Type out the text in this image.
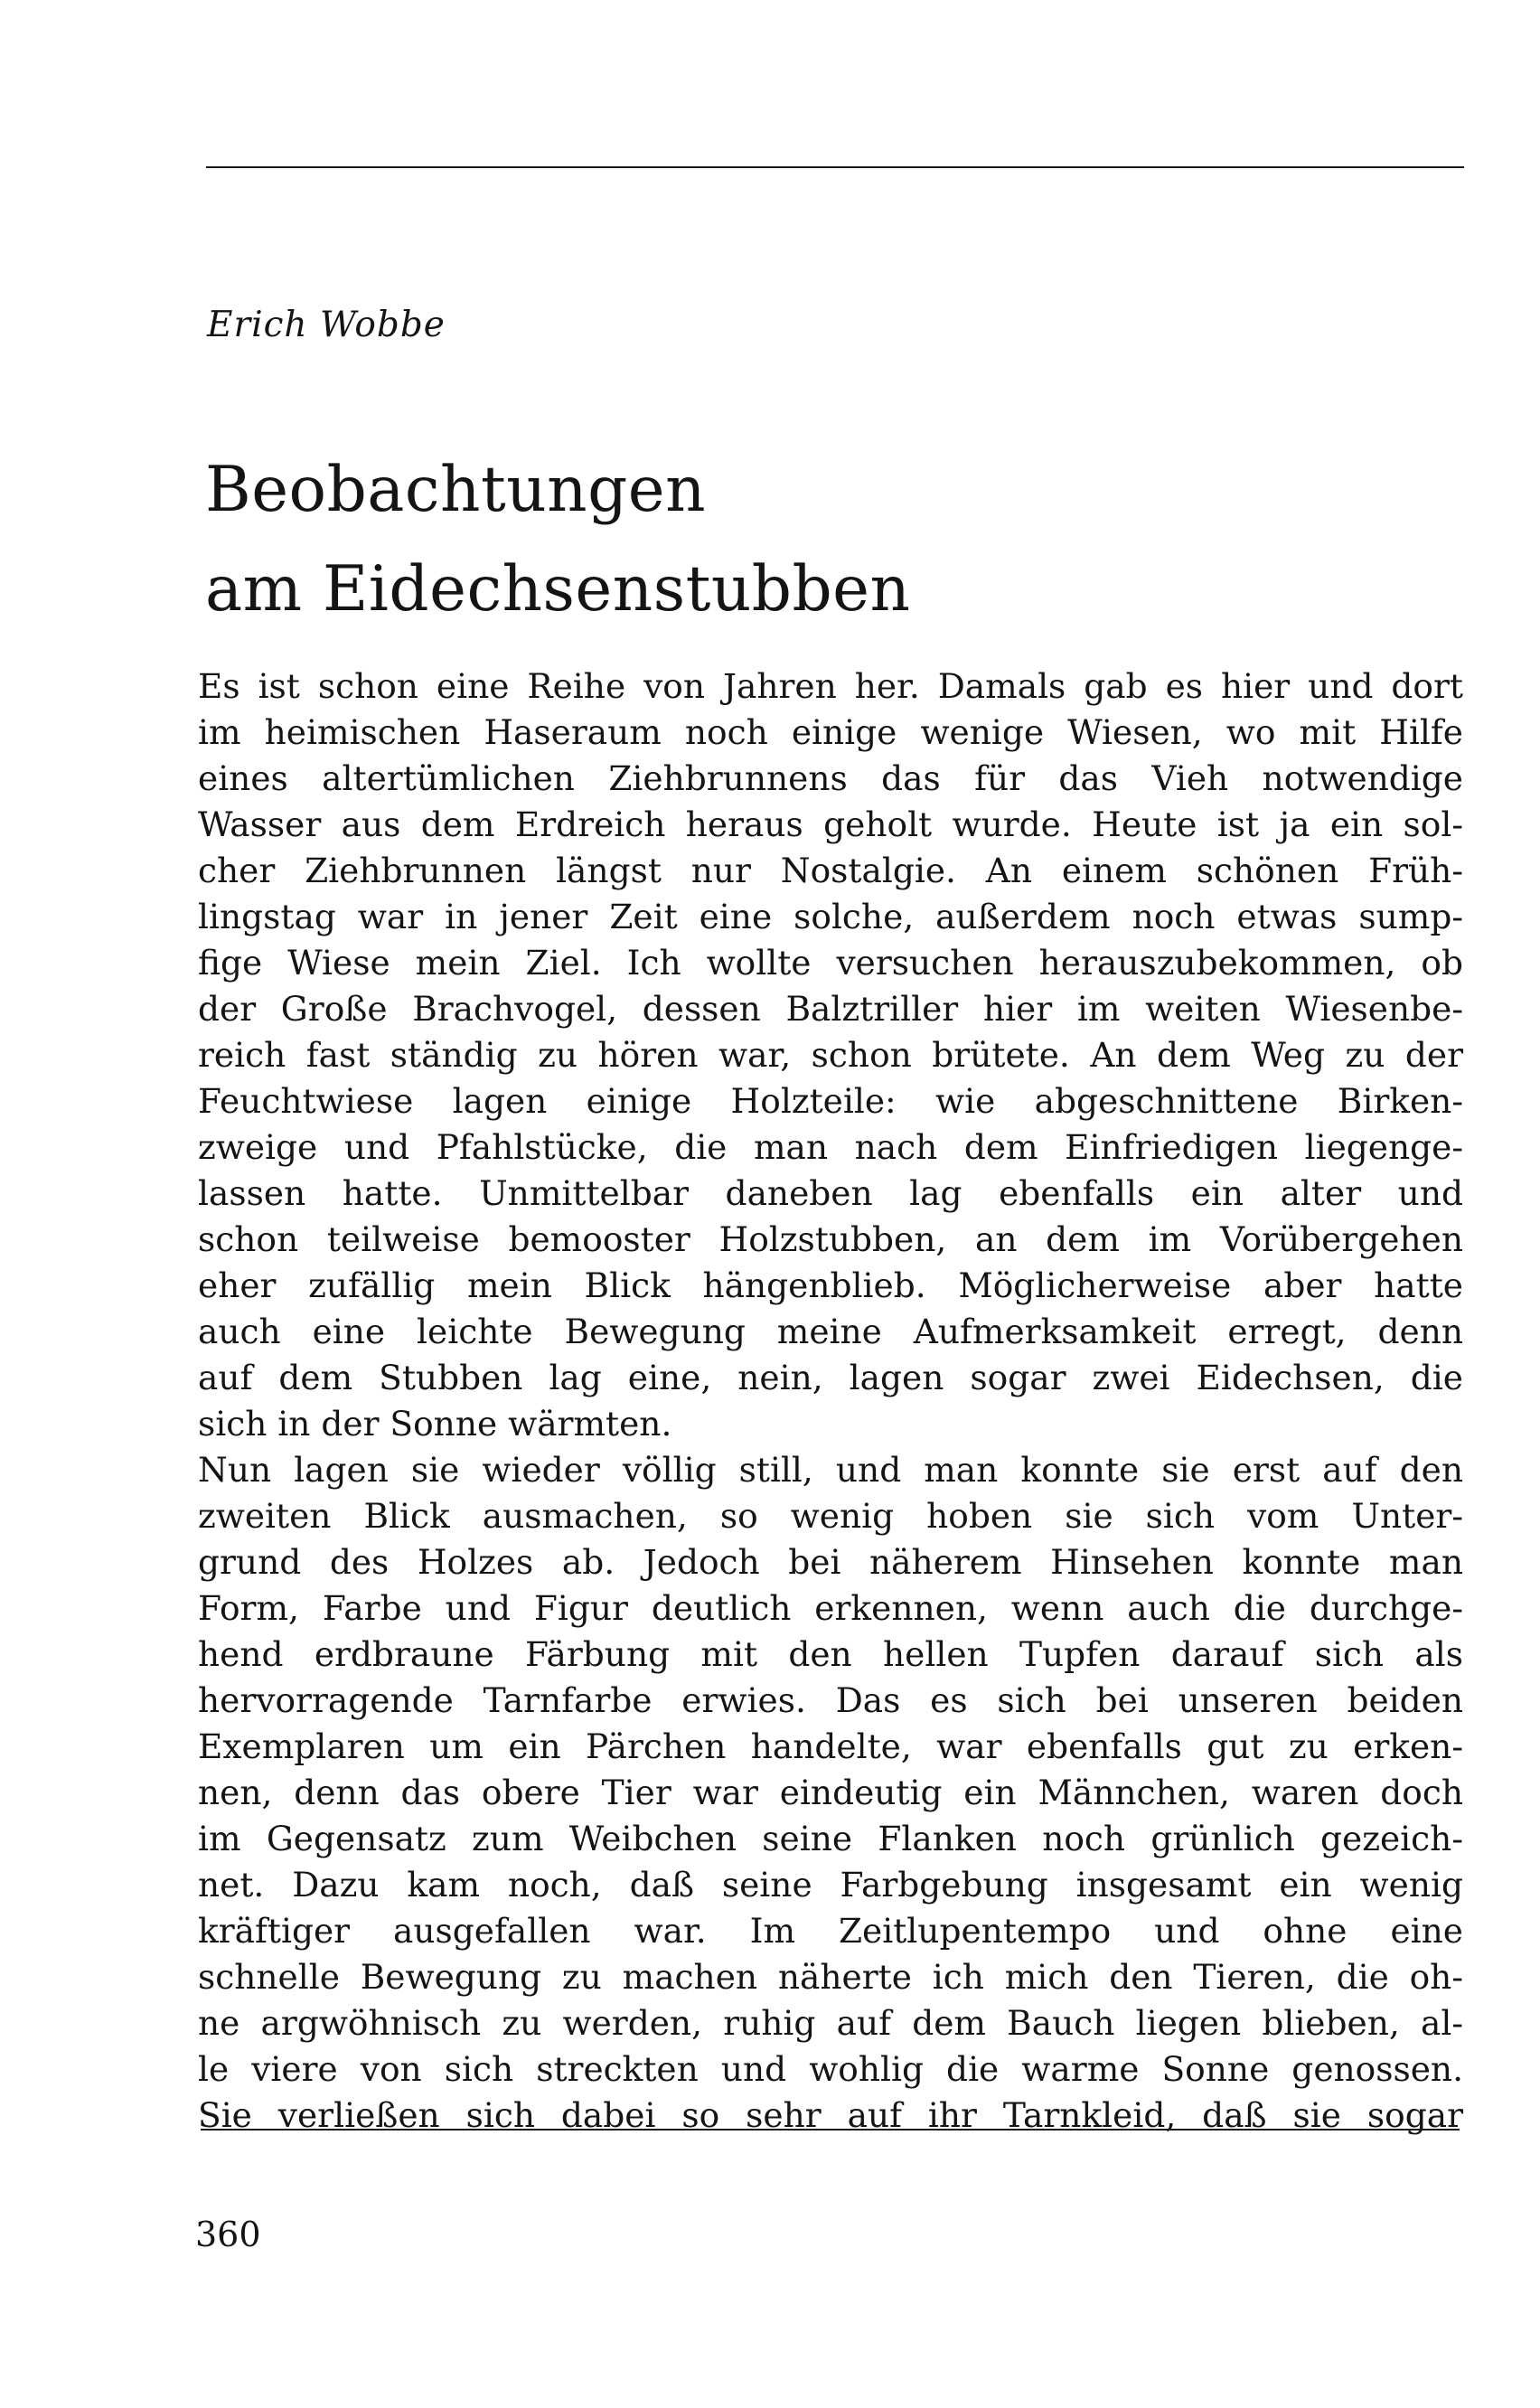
Erich Wobbe
Beobachtungen
am Eidechsenstubben
Es ist schon eine Reihe von Jahren her. Damals gab es hier und dort
im heimischen Haseraum noch einige wenige Wiesen, wo mit Hilfe
eines altertümlichen Ziehbrunnens das für das Vieh notwendige
Wasser aus dem Erdreich heraus geholt wurde. Heute ist ja ein sol-
cher Ziehbrunnen längst nur Nostalgie. An einem schönen Früh-
lingstag war in jener Zeit eine solche, außerdem noch etwas sump-
fige Wiese mein Ziel. Ich wollte versuchen herauszubekommen, ob
der Große Brachvogel, dessen Balztriller hier im weiten Wiesenbe-
reich fast ständig zu hören war, schon brütete. An dem Weg zu der
Feuchtwiese lagen einige Holzteile: wie abgeschnittene Birken-
zweige und Pfahlstücke, die man nach dem Einfriedigen liegenge-
lassen hatte. Unmittelbar daneben lag ebenfalls ein alter und
schon teilweise bemooster Holzstubben, an dem im Vorübergehen
eher zufällig mein Blick hängenblieb. Möglicherweise aber hatte
auch eine leichte Bewegung meine Aufmerksamkeit erregt, denn
auf dem Stubben lag eine, nein, lagen sogar zwei Eidechsen, die
sich in der Sonne wärmten.
Nun lagen sie wieder völlig still, und man konnte sie erst auf den
zweiten Blick ausmachen, so wenig hoben sie sich vom Unter-
grund des Holzes ab. Jedoch bei näherem Hinsehen konnte man
Form, Farbe und Figur deutlich erkennen, wenn auch die durchge-
hend erdbraune Färbung mit den hellen Tupfen darauf sich als
hervorragende Tarnfarbe erwies. Das es sich bei unseren beiden
Exemplaren um ein Pärchen handelte, war ebenfalls gut zu erken-
nen, denn das obere Tier war eindeutig ein Männchen, waren doch
im Gegensatz zum Weibchen seine Flanken noch grünlich gezeich-
net. Dazu kam noch, daß seine Farbgebung insgesamt ein wenig
kräftiger ausgefallen war. Im Zeitlupentempo und ohne eine
schnelle Bewegung zu machen näherte ich mich den Tieren, die oh-
ne argwöhnisch zu werden, ruhig auf dem Bauch liegen blieben, al-
le viere von sich streckten und wohlig die warme Sonne genossen.
Sie verließen sich dabei so sehr auf ihr Tarnkleid, daß sie sogar
360
